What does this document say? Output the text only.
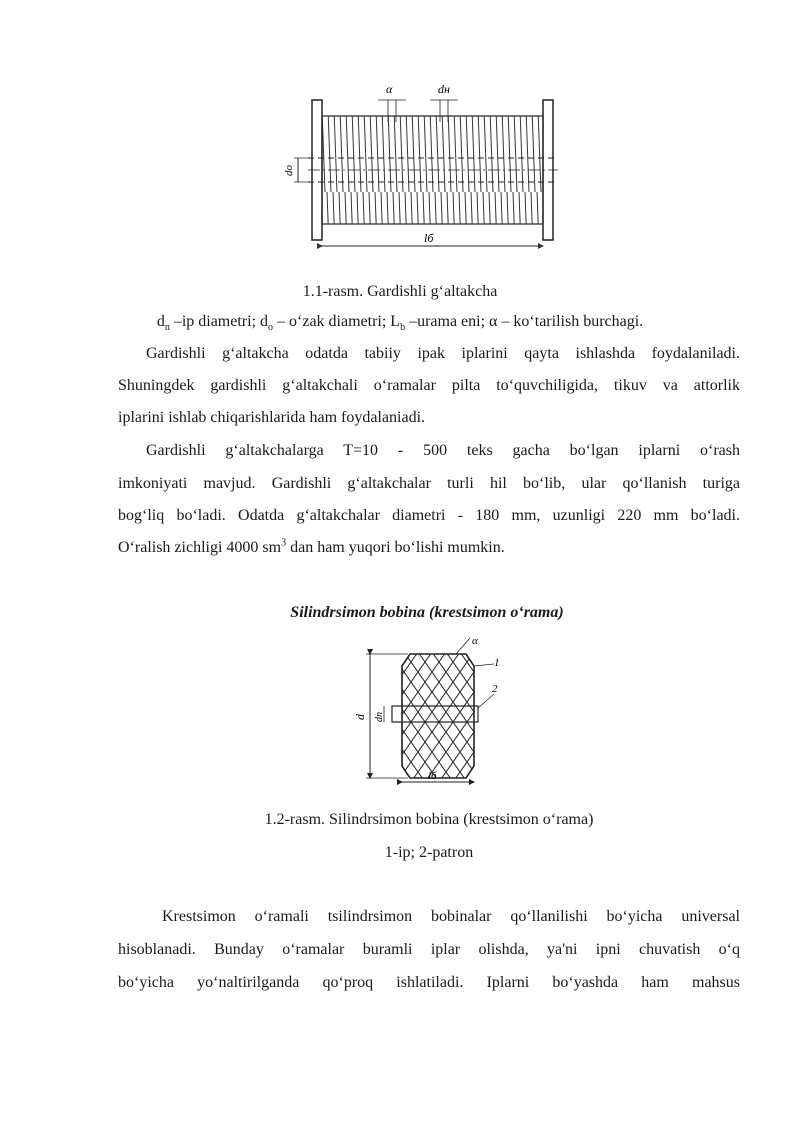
dо
α	dн
lб
1.1-rasm. Gardishli g‘altakcha
$d_n$ –ip diametri; $d_o$ – o‘zak diametri; $L_b$ –urama eni; α – ko‘tarilish burchagi.
Gardishli g‘altakcha odatda tabiiy ipak iplarini qayta ishlashda foydalaniladi.
Shuningdek gardishli g‘altakchali o‘ramalar pilta to‘quvchiligida, tikuv va attorlik
iplarini ishlab chiqarishlarida ham foydalaniadi.
Gardishli g‘altakchalarga T=10 - 500 teks gacha bo‘lgan iplarni o‘rash
imkoniyati mavjud. Gardishli g‘altakchalar turli hil bo‘lib, ular qo‘llanish turiga
bog‘liq bo‘ladi. Odatda g‘altakchalar diametri - 180 mm, uzunligi 220 mm bo‘ladi.
O‘ralish zichligi 4000 $sm^3$ dan ham yuqori bo‘lishi mumkin.
Silindrsimon bobina (krestsimon o‘rama)
d dп
α
1
2
lб
1.2-rasm. Silindrsimon bobina (krestsimon o‘rama)
1-ip; 2-patron
Krestsimon o‘ramali tsilindrsimon bobinalar qo‘llanilishi bo‘yicha universal
hisoblanadi. Bunday o‘ramalar buramli iplar olishda, ya'ni ipni chuvatish o‘q
bo‘yicha yo‘naltirilganda qo‘proq ishlatiladi. Iplarni bo‘yashda ham mahsus
